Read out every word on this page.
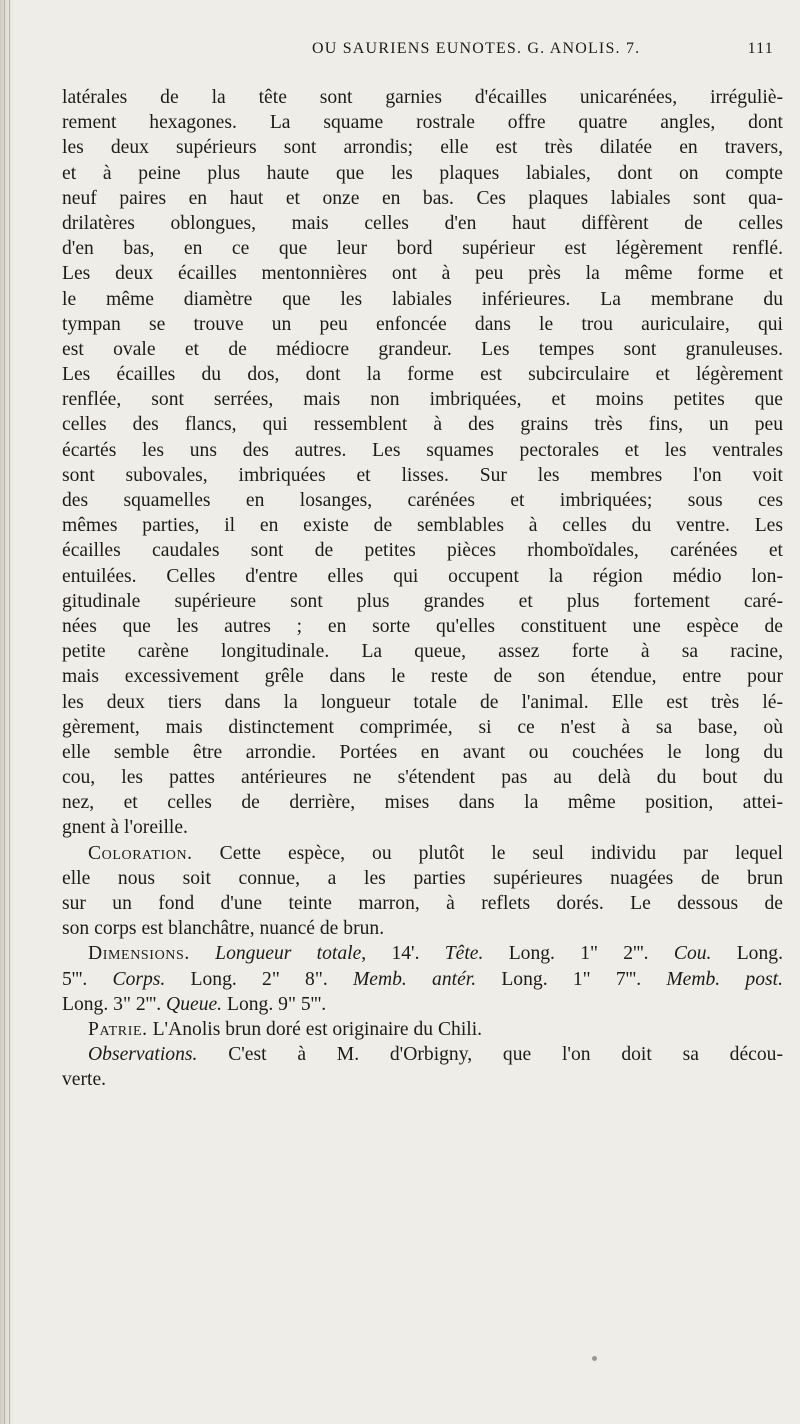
OU SAURIENS EUNOTES. G. ANOLIS. 7.	111
latérales de la tête sont garnies d'écailles unicarénées, irréguliè-
rement hexagones. La squame rostrale offre quatre angles, dont
les deux supérieurs sont arrondis; elle est très dilatée en travers,
et à peine plus haute que les plaques labiales, dont on compte
neuf paires en haut et onze en bas. Ces plaques labiales sont qua-
drilatères oblongues, mais celles d'en haut diffèrent de celles
d'en bas, en ce que leur bord supérieur est légèrement renflé.
Les deux écailles mentonnières ont à peu près la même forme et
le même diamètre que les labiales inférieures. La membrane du
tympan se trouve un peu enfoncée dans le trou auriculaire, qui
est ovale et de médiocre grandeur. Les tempes sont granuleuses.
Les écailles du dos, dont la forme est subcirculaire et légèrement
renflée, sont serrées, mais non imbriquées, et moins petites que
celles des flancs, qui ressemblent à des grains très fins, un peu
écartés les uns des autres. Les squames pectorales et les ventrales
sont subovales, imbriquées et lisses. Sur les membres l'on voit
des squamelles en losanges, carénées et imbriquées; sous ces
mêmes parties, il en existe de semblables à celles du ventre. Les
écailles caudales sont de petites pièces rhomboïdales, carénées et
entuilées. Celles d'entre elles qui occupent la région médio lon-
gitudinale supérieure sont plus grandes et plus fortement caré-
nées que les autres ; en sorte qu'elles constituent une espèce de
petite carène longitudinale. La queue, assez forte à sa racine,
mais excessivement grêle dans le reste de son étendue, entre pour
les deux tiers dans la longueur totale de l'animal. Elle est très lé-
gèrement, mais distinctement comprimée, si ce n'est à sa base, où
elle semble être arrondie. Portées en avant ou couchées le long du
cou, les pattes antérieures ne s'étendent pas au delà du bout du
nez, et celles de derrière, mises dans la même position, attei-
gnent à l'oreille.
Coloration. Cette espèce, ou plutôt le seul individu par lequel
elle nous soit connue, a les parties supérieures nuagées de brun
sur un fond d'une teinte marron, à reflets dorés. Le dessous de
son corps est blanchâtre, nuancé de brun.
Dimensions. Longueur totale, 14'. Tête. Long. 1" 2'''. Cou. Long.
5'''. Corps. Long. 2" 8". Memb. antér. Long. 1" 7'''. Memb. post.
Long. 3" 2'''. Queue. Long. 9" 5'''.
Patrie. L'Anolis brun doré est originaire du Chili.
Observations. C'est à M. d'Orbigny, que l'on doit sa décou-
verte.
